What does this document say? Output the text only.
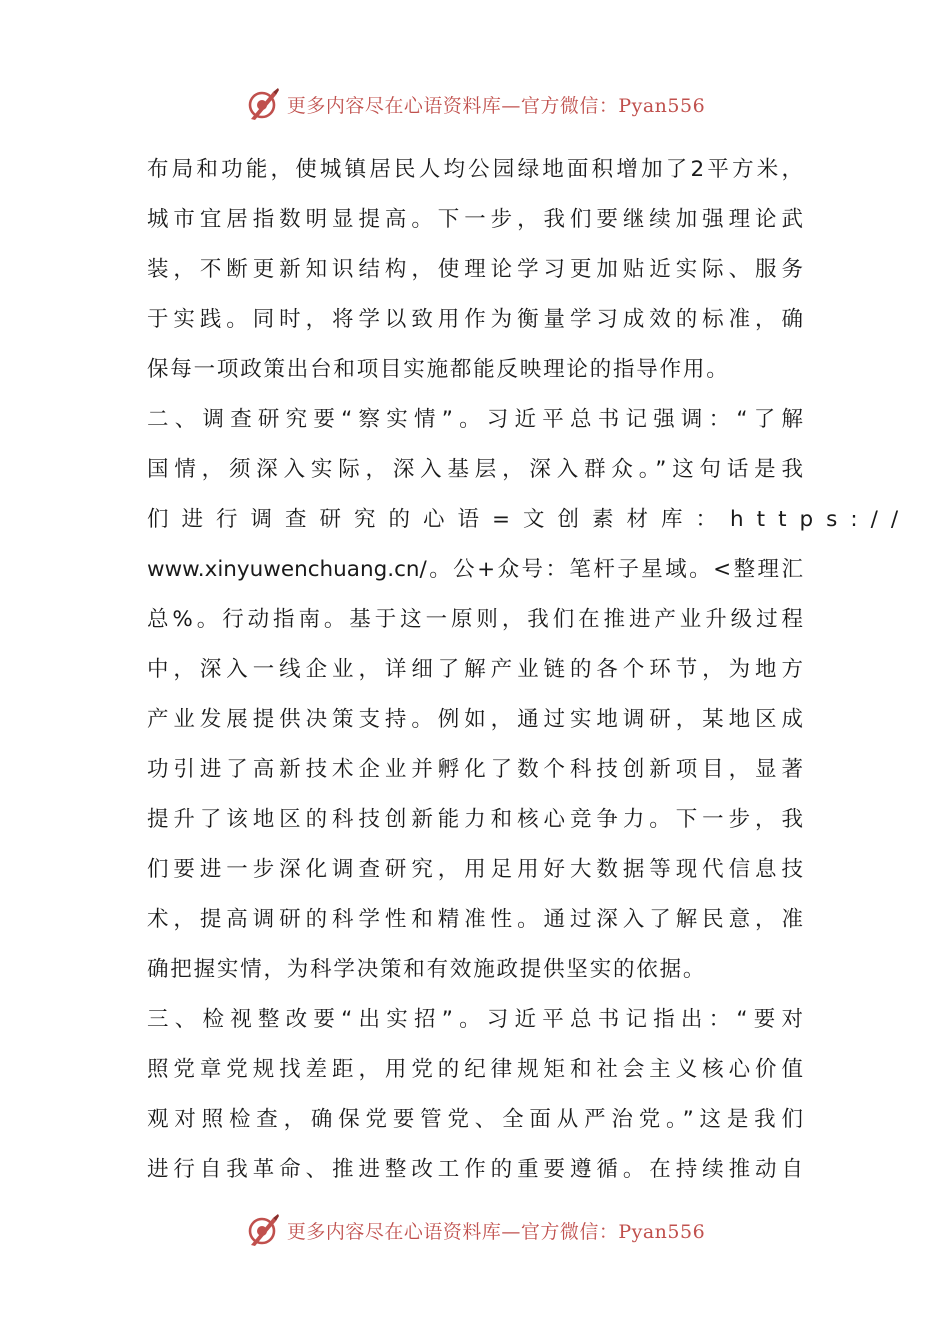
更多内容尽在心语资料库—官方微信：Pyan556
布局和功能，使城镇居民人均公园绿地面积增加了2平方米，
城市宜居指数明显提高。下一步，我们要继续加强理论武
装，不断更新知识结构，使理论学习更加贴近实际、服务
于实践。同时，将学以致用作为衡量学习成效的标准，确
保每一项政策出台和项目实施都能反映理论的指导作用。
二、调查研究要“察实情”。习近平总书记强调：“了解
国情，须深入实际，深入基层，深入群众。”这句话是我
们进行调查研究的心语=文创素材库：https://
www.xinyuwenchuang.cn/。公+众号：笔杆子星域。<整理汇
总%。行动指南。基于这一原则，我们在推进产业升级过程
中，深入一线企业，详细了解产业链的各个环节，为地方
产业发展提供决策支持。例如，通过实地调研，某地区成
功引进了高新技术企业并孵化了数个科技创新项目，显著
提升了该地区的科技创新能力和核心竞争力。下一步，我
们要进一步深化调查研究，用足用好大数据等现代信息技
术，提高调研的科学性和精准性。通过深入了解民意，准
确把握实情，为科学决策和有效施政提供坚实的依据。
三、检视整改要“出实招”。习近平总书记指出：“要对
照党章党规找差距，用党的纪律规矩和社会主义核心价值
观对照检查，确保党要管党、全面从严治党。”这是我们
进行自我革命、推进整改工作的重要遵循。在持续推动自
更多内容尽在心语资料库—官方微信：Pyan556
